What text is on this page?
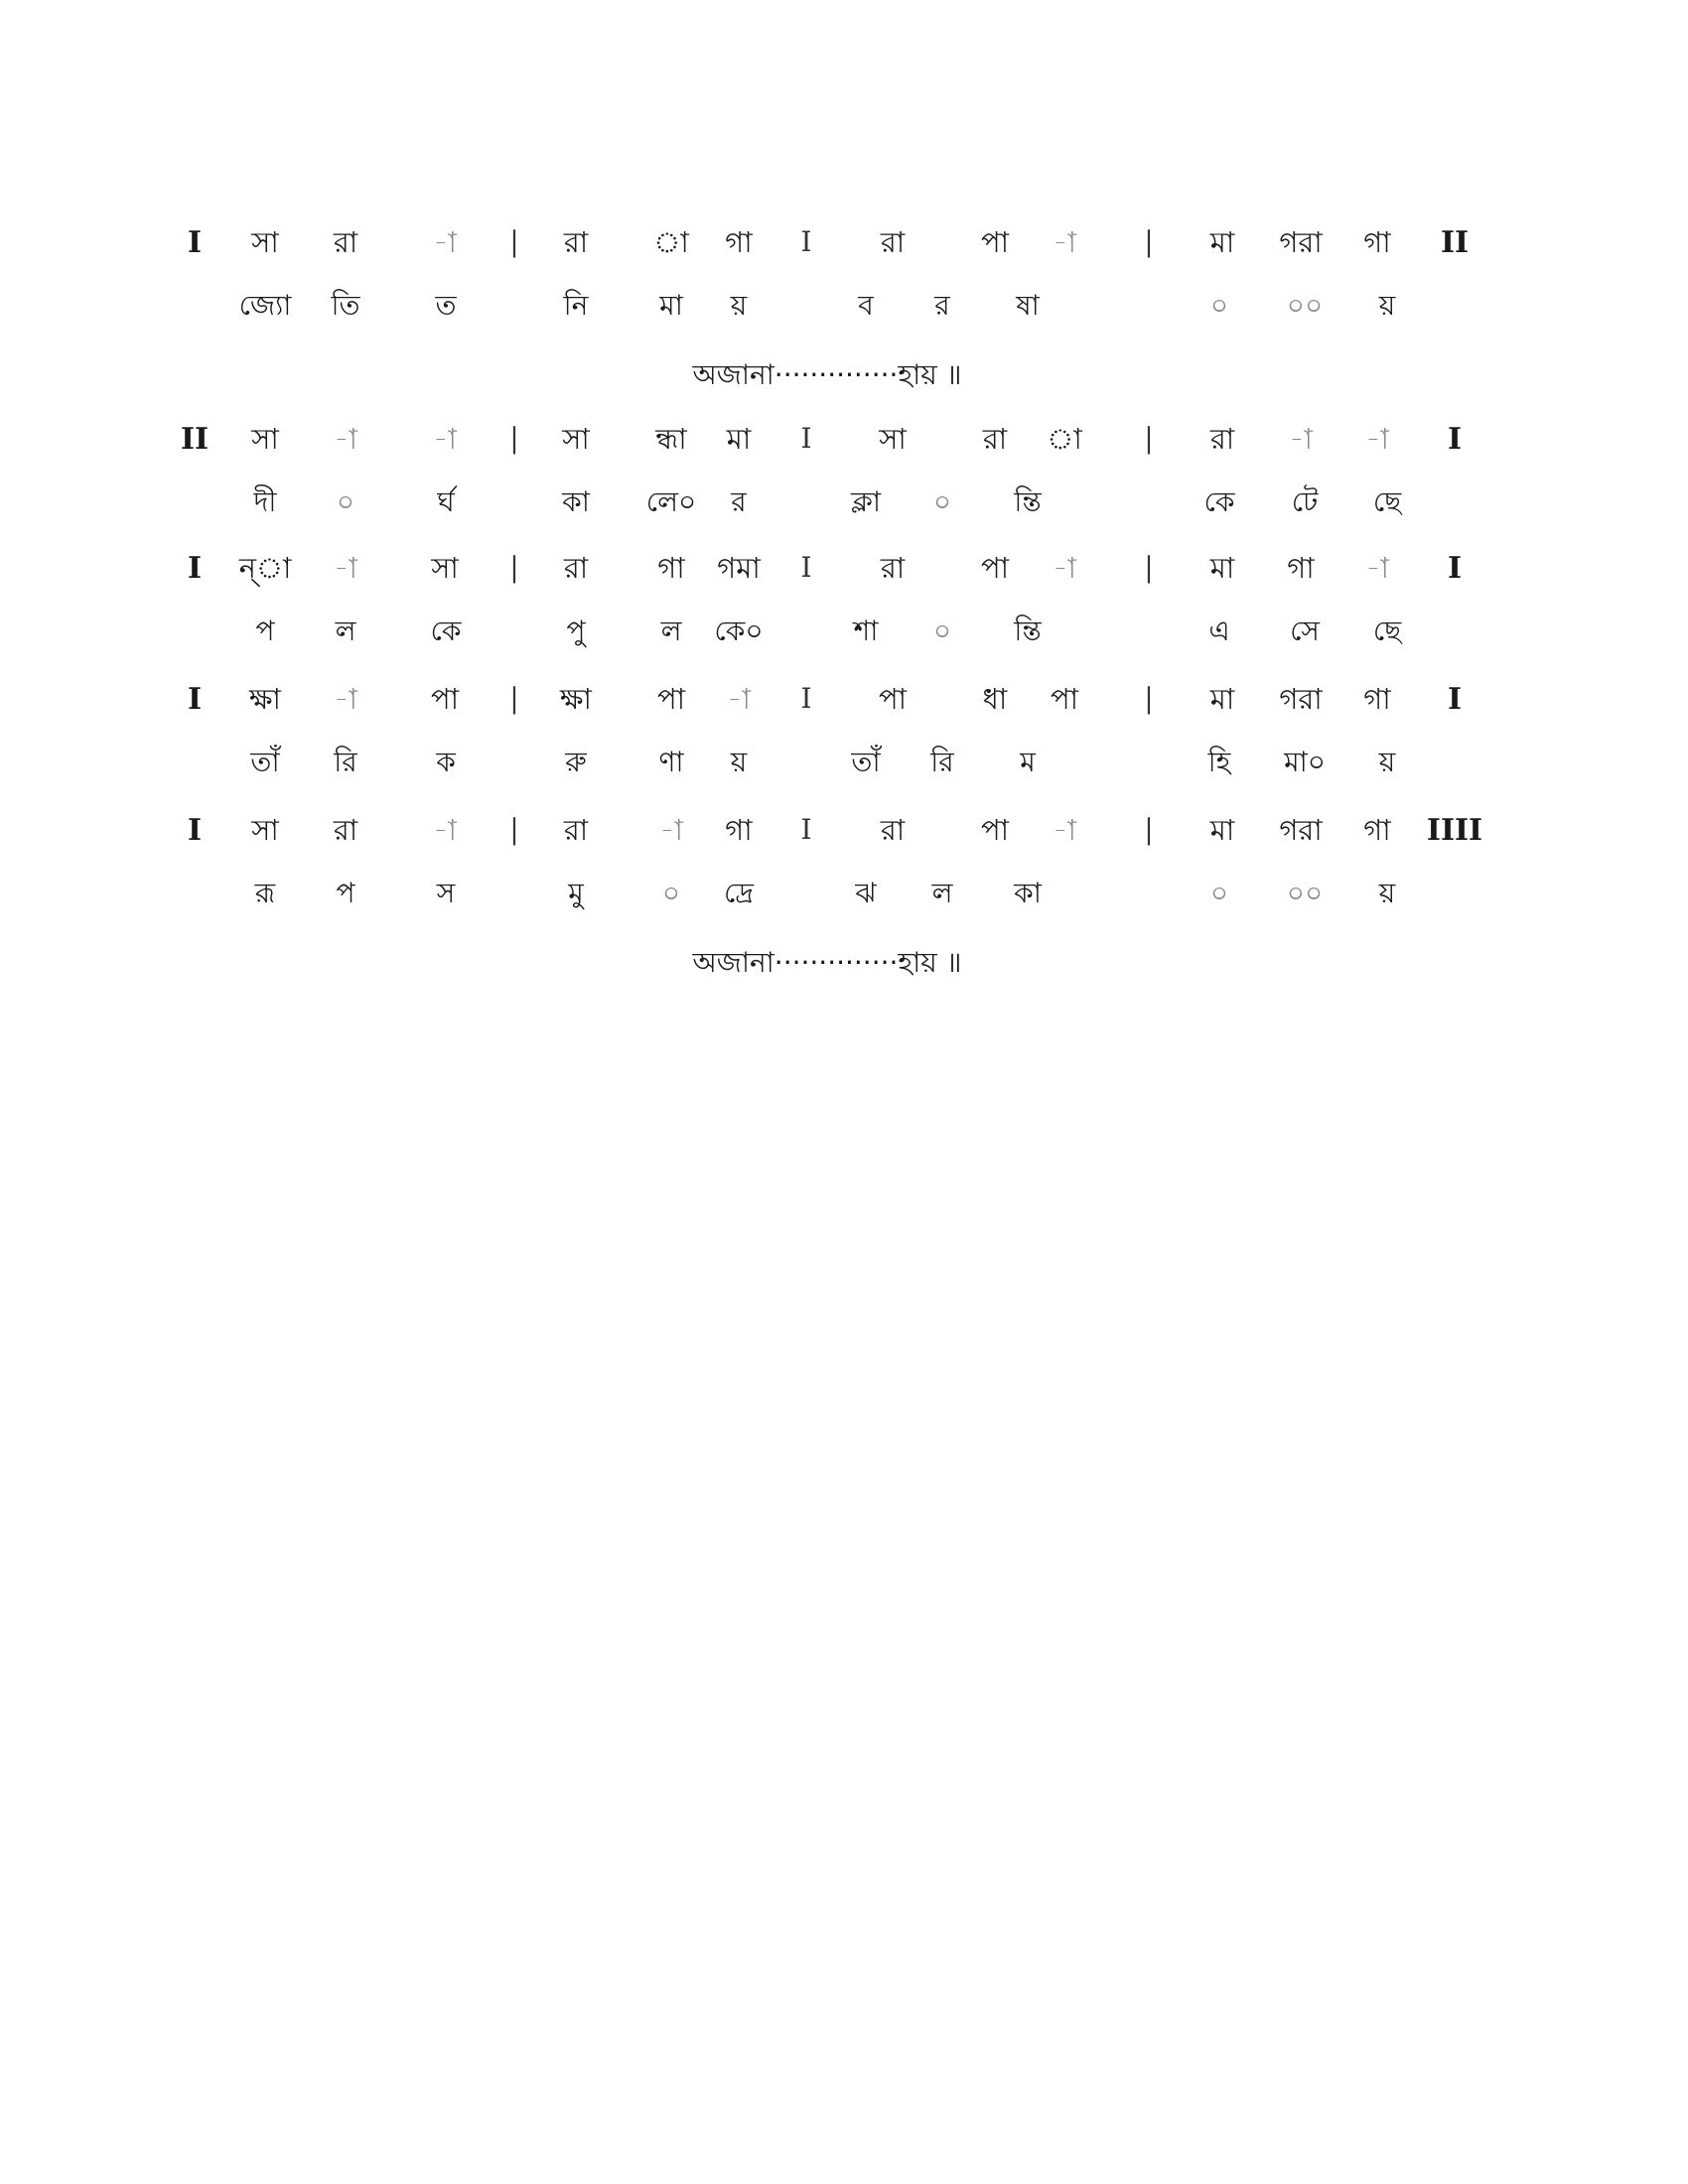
I সা রা	-া | রা া গা I রা	পা -া | মা গরা গা II
জ্যো তি	ত	নি	মা য়	ব র ষা	০ ০০ য়
অজানা··············হায় ॥
II সা -া	-া | সা ন্ধা মা I সা	রা া | রা -া -া I
দী ০	র্ঘ	কা লে০ র	ক্লা ০ ন্তি	কে টে ছে
I ন্া -া	সা | রা গা গমা I রা	পা -া | মা গা -া I
প ল	কে	পু	ল কে০	শা ০ ন্তি	এ সে ছে
I ক্ষা -া	পা | ক্ষা পা -া I পা	ধা পা | মা গরা গা I
তাঁ রি	ক	রু	ণা য়	তাঁ রি ম	হি মা০ য়
I সা রা	-া | রা -া গা I রা	পা -া | মা গরা গা IIII
রূ প	স	মু	০ দ্রে	ঝ ল কা	০ ০০ য়
অজানা··············হায় ॥
